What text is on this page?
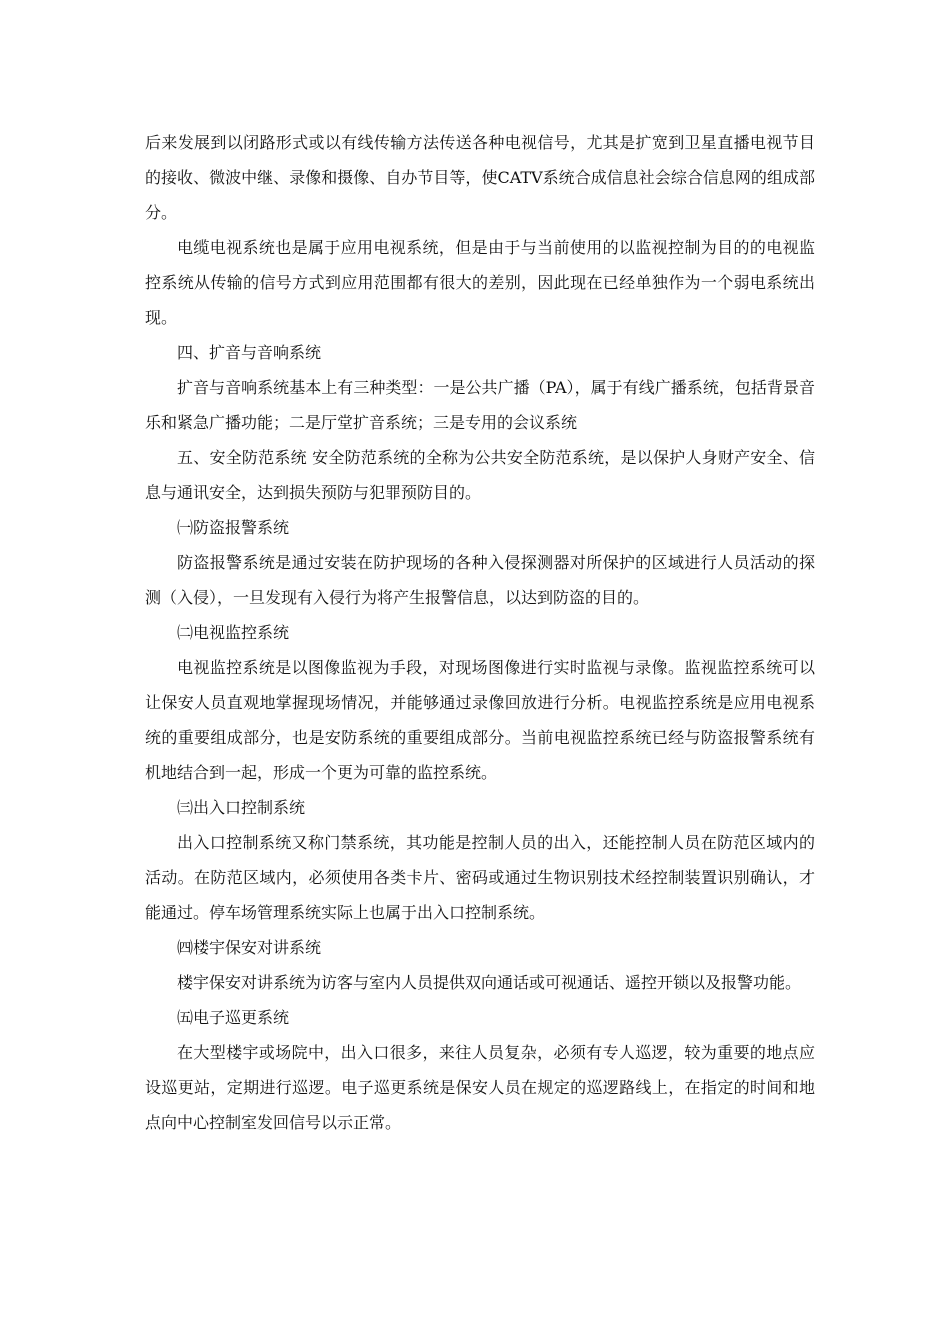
后来发展到以闭路形式或以有线传输方法传送各种电视信号，尤其是扩宽到卫星直播电视节目的接收、微波中继、录像和摄像、自办节目等，使CATV系统合成信息社会综合信息网的组成部分。

电缆电视系统也是属于应用电视系统，但是由于与当前使用的以监视控制为目的的电视监控系统从传输的信号方式到应用范围都有很大的差别，因此现在已经单独作为一个弱电系统出现。

四、扩音与音响系统

扩音与音响系统基本上有三种类型：一是公共广播（PA），属于有线广播系统，包括背景音乐和紧急广播功能；二是厅堂扩音系统；三是专用的会议系统

五、安全防范系统 安全防范系统的全称为公共安全防范系统，是以保护人身财产安全、信息与通讯安全，达到损失预防与犯罪预防目的。

㈠防盗报警系统

防盗报警系统是通过安装在防护现场的各种入侵探测器对所保护的区域进行人员活动的探测（入侵），一旦发现有入侵行为将产生报警信息，以达到防盗的目的。

㈡电视监控系统

电视监控系统是以图像监视为手段，对现场图像进行实时监视与录像。监视监控系统可以让保安人员直观地掌握现场情况，并能够通过录像回放进行分析。电视监控系统是应用电视系统的重要组成部分，也是安防系统的重要组成部分。当前电视监控系统已经与防盗报警系统有机地结合到一起，形成一个更为可靠的监控系统。

㈢出入口控制系统

出入口控制系统又称门禁系统，其功能是控制人员的出入，还能控制人员在防范区域内的活动。在防范区域内，必须使用各类卡片、密码或通过生物识别技术经控制装置识别确认，才能通过。停车场管理系统实际上也属于出入口控制系统。

㈣楼宇保安对讲系统

楼宇保安对讲系统为访客与室内人员提供双向通话或可视通话、遥控开锁以及报警功能。

㈤电子巡更系统

在大型楼宇或场院中，出入口很多，来往人员复杂，必须有专人巡逻，较为重要的地点应设巡更站，定期进行巡逻。电子巡更系统是保安人员在规定的巡逻路线上，在指定的时间和地点向中心控制室发回信号以示正常。
